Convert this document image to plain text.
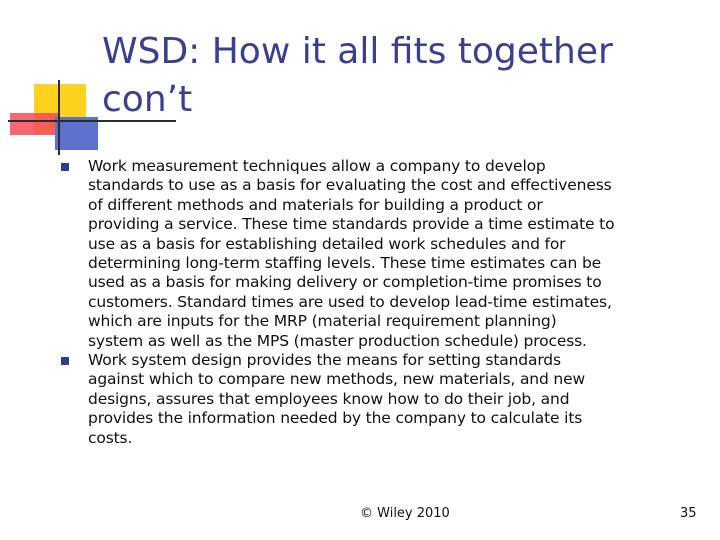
WSD: How it all fits together
con’t
Work measurement techniques allow a company to develop
standards to use as a basis for evaluating the cost and effectiveness
of different methods and materials for building a product or
providing a service. These time standards provide a time estimate to
use as a basis for establishing detailed work schedules and for
determining long-term staffing levels. These time estimates can be
used as a basis for making delivery or completion-time promises to
customers. Standard times are used to develop lead-time estimates,
which are inputs for the MRP (material requirement planning)
system as well as the MPS (master production schedule) process.
Work system design provides the means for setting standards
against which to compare new methods, new materials, and new
designs, assures that employees know how to do their job, and
provides the information needed by the company to calculate its
costs.
© Wiley 2010	35
